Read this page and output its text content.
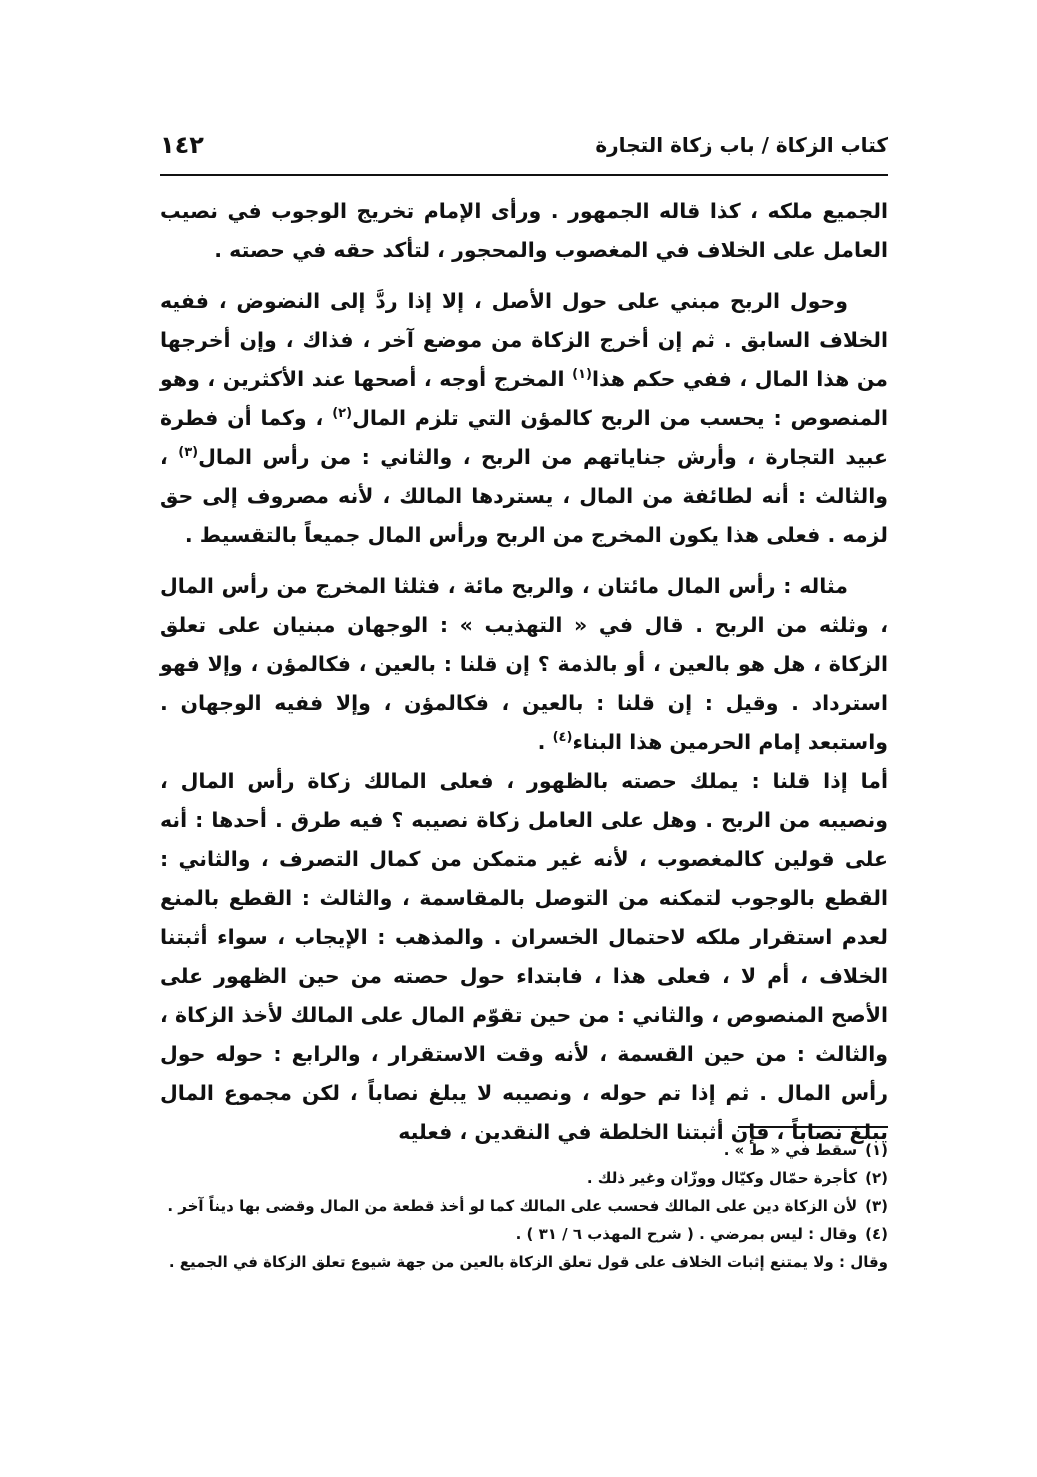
كتاب الزكاة / باب زكاة التجارة
١٤٢

الجميع ملكه ، كذا قاله الجمهور . ورأى الإمام تخريج الوجوب في نصيب العامل على الخلاف في المغصوب والمحجور ، لتأكد حقه في حصته .

وحول الربح مبني على حول الأصل ، إلا إذا ردَّ إلى النضوض ، ففيه الخلاف السابق . ثم إن أخرج الزكاة من موضع آخر ، فذاك ، وإن أخرجها من هذا المال ، ففي حكم هذا$^{(١)}$ المخرج أوجه ، أصحها عند الأكثرين ، وهو المنصوص : يحسب من الربح كالمؤن التي تلزم المال$^{(٢)}$ ، وكما أن فطرة عبيد التجارة ، وأرش جناياتهم من الربح ، والثاني : من رأس المال$^{(٣)}$ ، والثالث : أنه لطائفة من المال ، يستردها المالك ، لأنه مصروف إلى حق لزمه . فعلى هذا يكون المخرج من الربح ورأس المال جميعاً بالتقسيط .

مثاله : رأس المال مائتان ، والربح مائة ، فثلثا المخرج من رأس المال ، وثلثه من الربح . قال في « التهذيب » : الوجهان مبنيان على تعلق الزكاة ، هل هو بالعين ، أو بالذمة ؟ إن قلنا : بالعين ، فكالمؤن ، وإلا فهو استرداد . وقيل : إن قلنا : بالعين ، فكالمؤن ، وإلا ففيه الوجهان . واستبعد إمام الحرمين هذا البناء$^{(٤)}$ .

أما إذا قلنا : يملك حصته بالظهور ، فعلى المالك زكاة رأس المال ، ونصيبه من الربح . وهل على العامل زكاة نصيبه ؟ فيه طرق . أحدها : أنه على قولين كالمغصوب ، لأنه غير متمكن من كمال التصرف ، والثاني : القطع بالوجوب لتمكنه من التوصل بالمقاسمة ، والثالث : القطع بالمنع لعدم استقرار ملكه لاحتمال الخسران . والمذهب : الإيجاب ، سواء أثبتنا الخلاف ، أم لا ، فعلى هذا ، فابتداء حول حصته من حين الظهور على الأصح المنصوص ، والثاني : من حين تقوّم المال على المالك لأخذ الزكاة ، والثالث : من حين القسمة ، لأنه وقت الاستقرار ، والرابع : حوله حول رأس المال . ثم إذا تم حوله ، ونصيبه لا يبلغ نصاباً ، لكن مجموع المال يبلغ نصاباً ، فإن أثبتنا الخلطة في النقدين ، فعليه

(١)
سقط في « ط » .
(٢)
كأجرة حمّال وكيّال ووزّان وغير ذلك .
(٣)
لأن الزكاة دين على المالك فحسب على المالك كما لو أخذ قطعة من المال وقضى بها ديناً آخر .
(٤)
وقال : ليس بمرضي . ( شرح المهذب ٦ / ٣١ ) .
وقال : ولا يمتنع إثبات الخلاف على قول تعلق الزكاة بالعين من جهة شيوع تعلق الزكاة في الجميع .
